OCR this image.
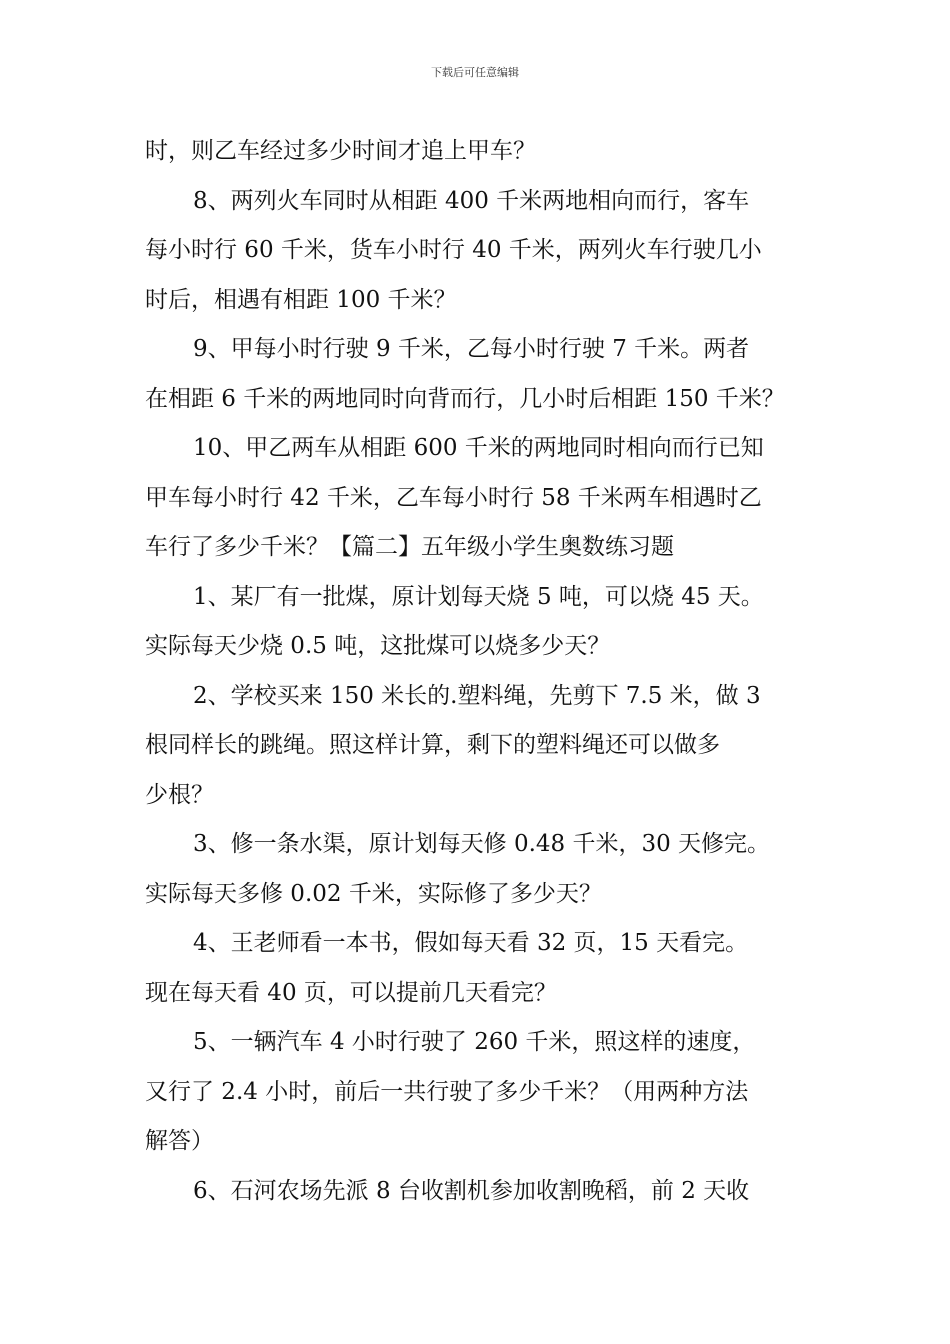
下载后可任意编辑
时，则乙车经过多少时间才追上甲车？
8、两列火车同时从相距 400 千米两地相向而行，客车
每小时行 60 千米，货车小时行 40 千米，两列火车行驶几小
时后，相遇有相距 100 千米？
9、甲每小时行驶 9 千米，乙每小时行驶 7 千米。两者
在相距 6 千米的两地同时向背而行，几小时后相距 150 千米？
10、甲乙两车从相距 600 千米的两地同时相向而行已知
甲车每小时行 42 千米，乙车每小时行 58 千米两车相遇时乙
车行了多少千米？【篇二】五年级小学生奥数练习题
1、某厂有一批煤，原计划每天烧 5 吨，可以烧 45 天。
实际每天少烧 0.5 吨，这批煤可以烧多少天？
2、学校买来 150 米长的.塑料绳，先剪下 7.5 米，做 3
根同样长的跳绳。照这样计算，剩下的塑料绳还可以做多
少根？
3、修一条水渠，原计划每天修 0.48 千米，30 天修完。
实际每天多修 0.02 千米，实际修了多少天？
4、王老师看一本书，假如每天看 32 页，15 天看完。
现在每天看 40 页，可以提前几天看完？
5、一辆汽车 4 小时行驶了 260 千米，照这样的速度，
又行了 2.4 小时，前后一共行驶了多少千米？（用两种方法
解答）
6、石河农场先派 8 台收割机参加收割晚稻，前 2 天收
